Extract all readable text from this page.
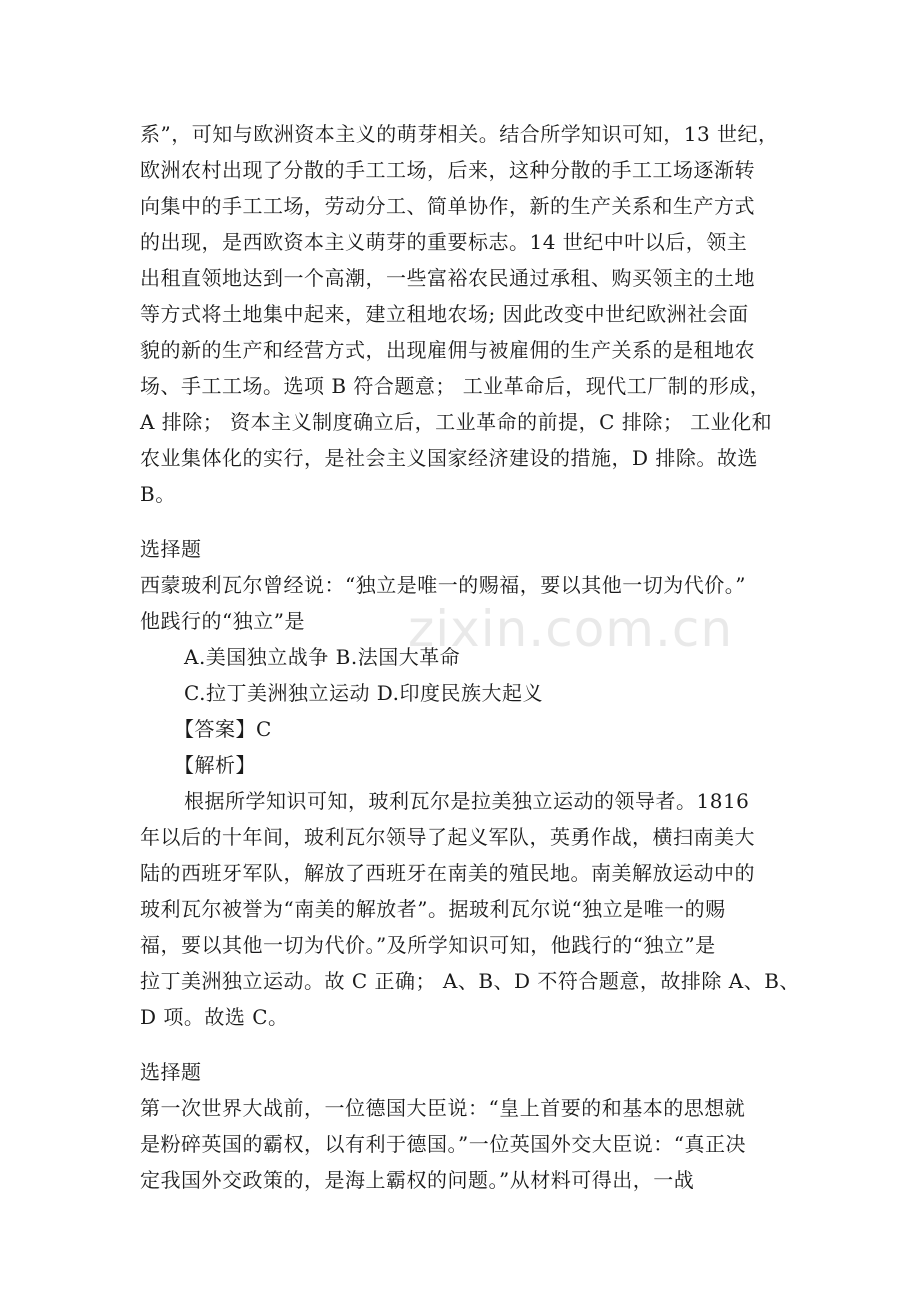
系”，可知与欧洲资本主义的萌芽相关。结合所学知识可知，13 世纪，
欧洲农村出现了分散的手工工场，后来，这种分散的手工工场逐渐转
向集中的手工工场，劳动分工、简单协作，新的生产关系和生产方式
的出现，是西欧资本主义萌芽的重要标志。14 世纪中叶以后，领主
出租直领地达到一个高潮，一些富裕农民通过承租、购买领主的土地
等方式将土地集中起来，建立租地农场; 因此改变中世纪欧洲社会面
貌的新的生产和经营方式，出现雇佣与被雇佣的生产关系的是租地农
场、手工工场。选项 B 符合题意； 工业革命后，现代工厂制的形成，
A 排除； 资本主义制度确立后，工业革命的前提，C 排除； 工业化和
农业集体化的实行，是社会主义国家经济建设的措施，D 排除。故选
B。
选择题
西蒙玻利瓦尔曾经说：“独立是唯一的赐福，要以其他一切为代价。”
他践行的“独立”是
A.美国独立战争 B.法国大革命
C.拉丁美洲独立运动 D.印度民族大起义
【答案】C
【解析】
根据所学知识可知，玻利瓦尔是拉美独立运动的领导者。1816
年以后的十年间，玻利瓦尔领导了起义军队，英勇作战，横扫南美大
陆的西班牙军队，解放了西班牙在南美的殖民地。南美解放运动中的
玻利瓦尔被誉为“南美的解放者”。据玻利瓦尔说“独立是唯一的赐
福，要以其他一切为代价。”及所学知识可知，他践行的“独立”是
拉丁美洲独立运动。故 C 正确； A、B、D 不符合题意，故排除 A、B、
D 项。故选 C。
选择题
第一次世界大战前，一位德国大臣说：“皇上首要的和基本的思想就
是粉碎英国的霸权，以有利于德国。”一位英国外交大臣说：“真正决
定我国外交政策的，是海上霸权的问题。”从材料可得出，一战
zixin.com.cn
